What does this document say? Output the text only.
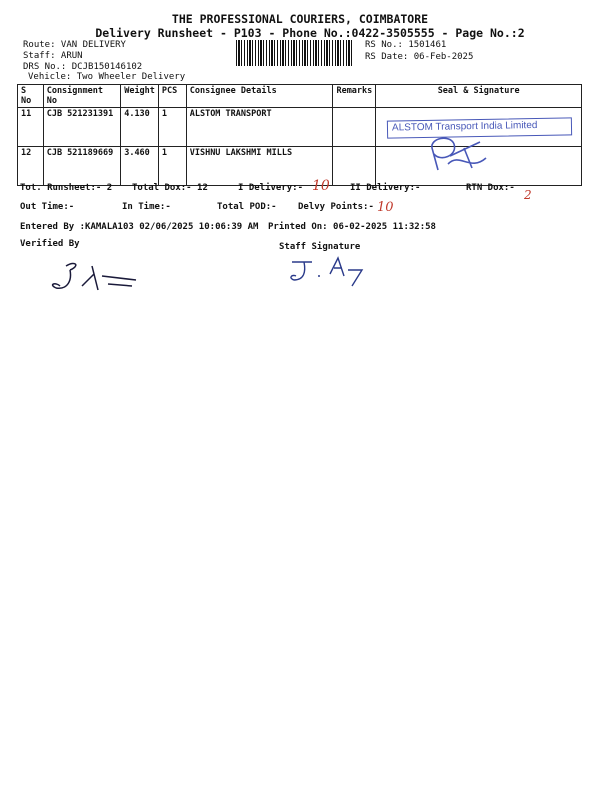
THE PROFESSIONAL COURIERS, COIMBATORE
Delivery Runsheet - P103 - Phone No.:0422-3505555 - Page No.:2
Route: VAN DELIVERY
Staff: ARUN
DRS No.: DCJB150146102
Vehicle: Two Wheeler Delivery
RS No.: 1501461
RS Date: 06-Feb-2025
S No	Consignment No	Weight	PCS	Consignee Details	Remarks	Seal & Signature
11	CJB 521231391	4.130	1	ALSTOM TRANSPORT		
12	CJB 521189669	3.460	1	VISHNU LAKSHMI MILLS		
ALSTOM Transport India Limited
Tot. Runsheet:- 2 Total Dox:- 12	I Delivery:- 10 II Delivery:-	RTN Dox:- 2
Out Time:-	In Time:-	Total POD:- Delvy Points:- 10
Entered By :KAMALA103 02/06/2025 10:06:39 AM Printed On: 06-02-2025 11:32:58
Verified By	Staff Signature
